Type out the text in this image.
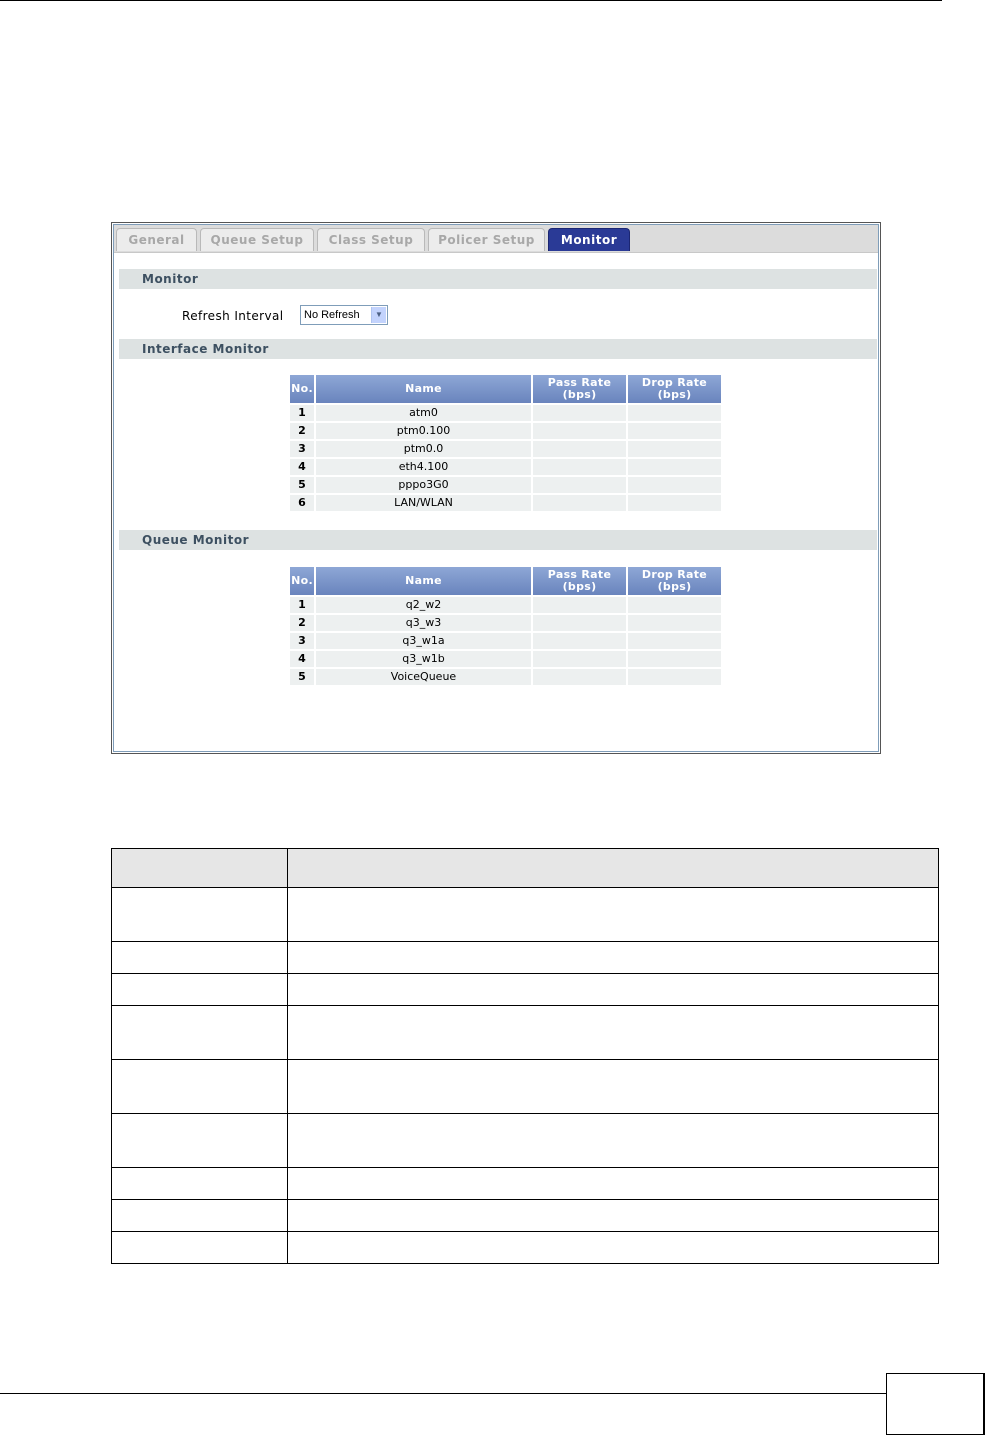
General	Queue Setup	Class Setup	Policer Setup	Monitor
Monitor
Refresh Interval	No Refresh	▼
Interface Monitor
No.	Name	Pass Rate (bps)	Drop Rate (bps)
1	atm0		
2	ptm0.100		
3	ptm0.0		
4	eth4.100		
5	pppo3G0		
6	LAN/WLAN		
Queue Monitor
No.	Name	Pass Rate (bps)	Drop Rate (bps)
1	q2_w2		
2	q3_w3		
3	q3_w1a		
4	q3_w1b		
5	VoiceQueue		
